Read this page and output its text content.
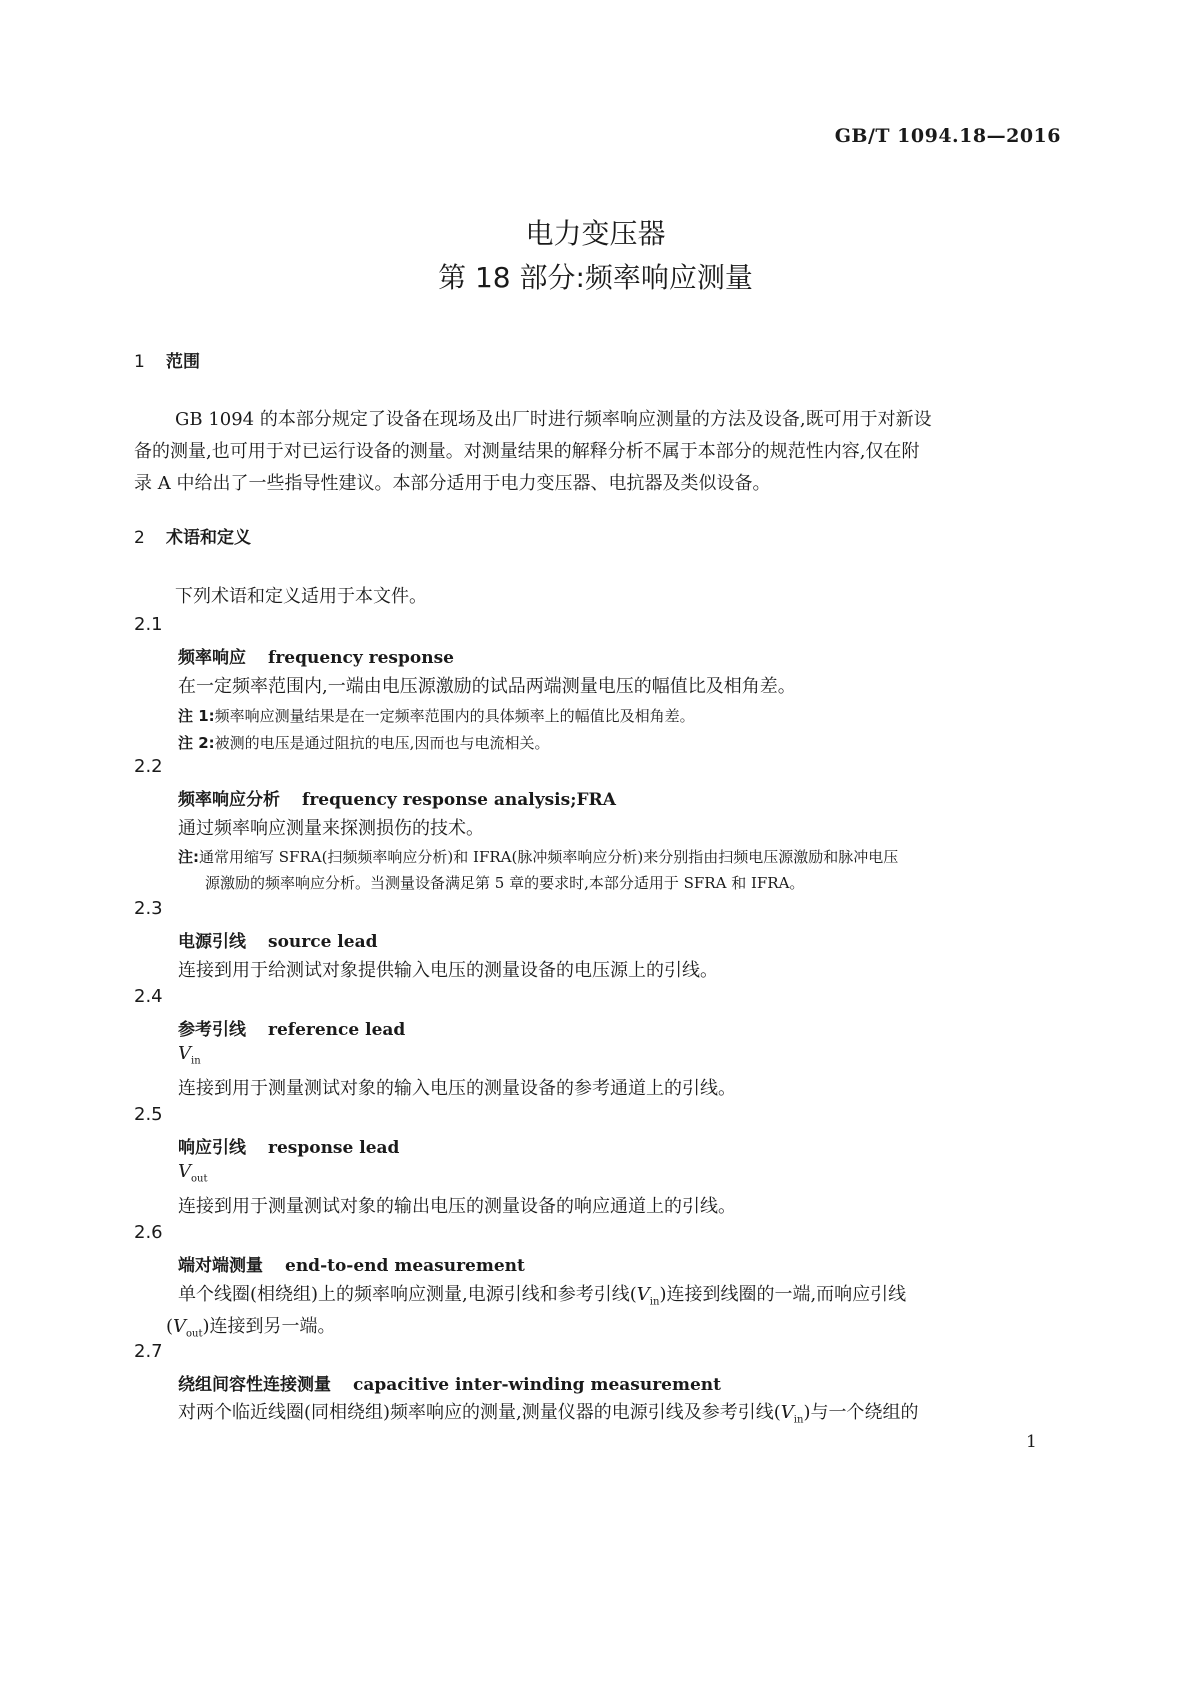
GB/T 1094.18—2016
电力变压器
第 18 部分:频率响应测量
1 范围
GB 1094 的本部分规定了设备在现场及出厂时进行频率响应测量的方法及设备,既可用于对新设
备的测量,也可用于对已运行设备的测量。对测量结果的解释分析不属于本部分的规范性内容,仅在附
录 A 中给出了一些指导性建议。本部分适用于电力变压器、电抗器及类似设备。
2 术语和定义
下列术语和定义适用于本文件。
2.1
频率响应 frequency response
在一定频率范围内,一端由电压源激励的试品两端测量电压的幅值比及相角差。
注 1:频率响应测量结果是在一定频率范围内的具体频率上的幅值比及相角差。
注 2:被测的电压是通过阻抗的电压,因而也与电流相关。
2.2
频率响应分析 frequency response analysis;FRA
通过频率响应测量来探测损伤的技术。
注:通常用缩写 SFRA(扫频频率响应分析)和 IFRA(脉冲频率响应分析)来分别指由扫频电压源激励和脉冲电压
源激励的频率响应分析。当测量设备满足第 5 章的要求时,本部分适用于 SFRA 和 IFRA。
2.3
电源引线 source lead
连接到用于给测试对象提供输入电压的测量设备的电压源上的引线。
2.4
参考引线 reference lead
$V_{in}$
连接到用于测量测试对象的输入电压的测量设备的参考通道上的引线。
2.5
响应引线 response lead
$V_{out}$
连接到用于测量测试对象的输出电压的测量设备的响应通道上的引线。
2.6
端对端测量 end-to-end measurement
单个线圈(相绕组)上的频率响应测量,电源引线和参考引线$(V_{in})$连接到线圈的一端,而响应引线
$(V_{out})$连接到另一端。
2.7
绕组间容性连接测量 capacitive inter-winding measurement
对两个临近线圈(同相绕组)频率响应的测量,测量仪器的电源引线及参考引线$(V_{in})$与一个绕组的
1
